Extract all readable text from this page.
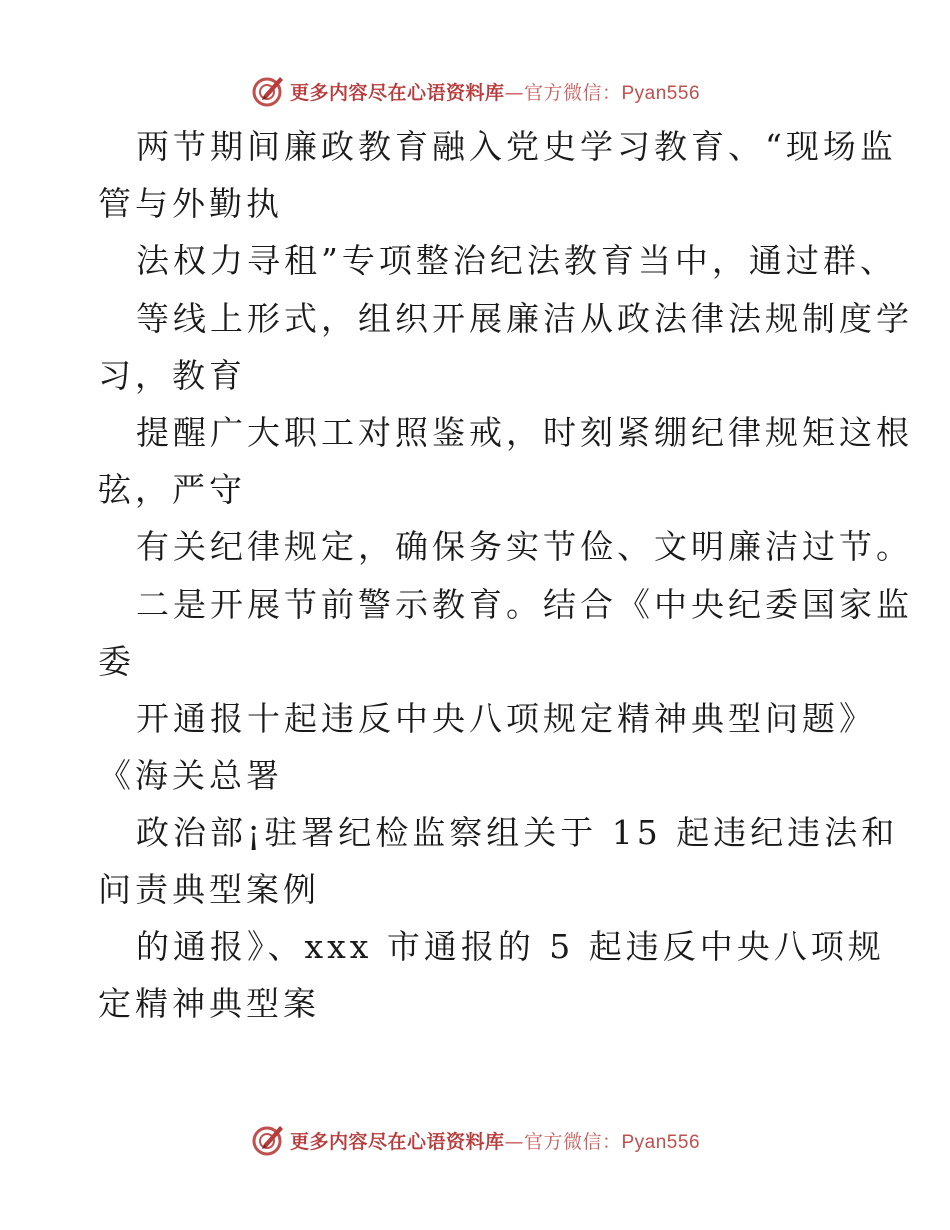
更多内容尽在心语资料库—官方微信：Pyan556
两节期间廉政教育融入党史学习教育、“现场监
管与外勤执
法权力寻租”专项整治纪法教育当中，通过群、
等线上形式，组织开展廉洁从政法律法规制度学
习，教育
提醒广大职工对照鉴戒，时刻紧绷纪律规矩这根
弦，严守
有关纪律规定，确保务实节俭、文明廉洁过节。
二是开展节前警示教育。结合《中央纪委国家监
委
开通报十起违反中央八项规定精神典型问题》
《海关总署
政治部¡驻署纪检监察组关于 15 起违纪违法和
问责典型案例
的通报》、xxx 市通报的 5 起违反中央八项规
定精神典型案
更多内容尽在心语资料库—官方微信：Pyan556
